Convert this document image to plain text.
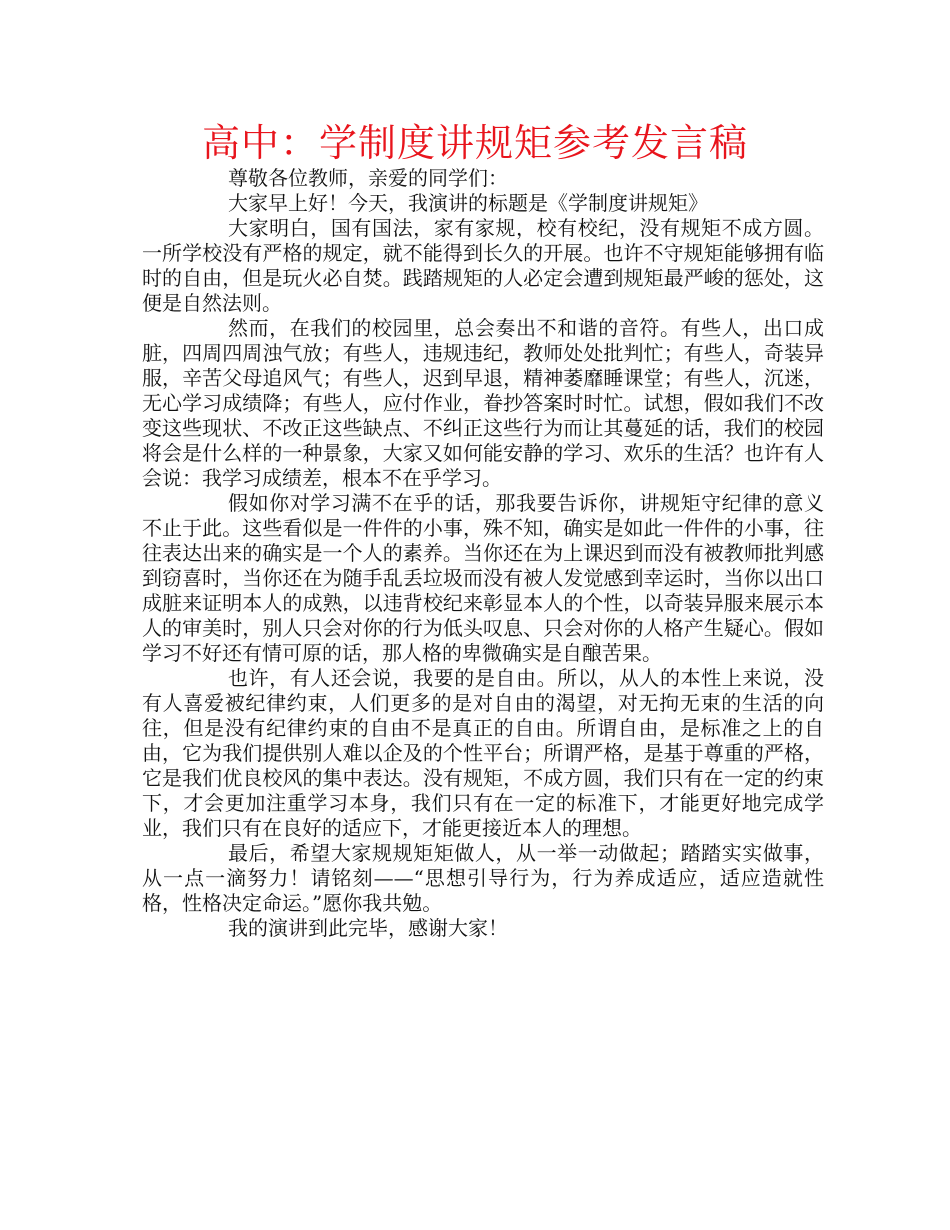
高中：学制度讲规矩参考发言稿

尊敬各位教师，亲爱的同学们：

大家早上好！今天，我演讲的标题是《学制度讲规矩》

大家明白，国有国法，家有家规，校有校纪，没有规矩不成方圆。一所学校没有严格的规定，就不能得到长久的开展。也许不守规矩能够拥有临时的自由，但是玩火必自焚。践踏规矩的人必定会遭到规矩最严峻的惩处，这便是自然法则。

然而，在我们的校园里，总会奏出不和谐的音符。有些人，出口成脏，四周四周浊气放；有些人，违规违纪，教师处处批判忙；有些人，奇装异服，辛苦父母追风气；有些人，迟到早退，精神萎靡睡课堂；有些人，沉迷，无心学习成绩降；有些人，应付作业，眷抄答案时时忙。试想，假如我们不改变这些现状、不改正这些缺点、不纠正这些行为而让其蔓延的话，我们的校园将会是什么样的一种景象，大家又如何能安静的学习、欢乐的生活？也许有人会说：我学习成绩差，根本不在乎学习。

假如你对学习满不在乎的话，那我要告诉你，讲规矩守纪律的意义不止于此。这些看似是一件件的小事，殊不知，确实是如此一件件的小事，往往表达出来的确实是一个人的素养。当你还在为上课迟到而没有被教师批判感到窃喜时，当你还在为随手乱丢垃圾而没有被人发觉感到幸运时，当你以出口成脏来证明本人的成熟，以违背校纪来彰显本人的个性，以奇装异服来展示本人的审美时，别人只会对你的行为低头叹息、只会对你的人格产生疑心。假如学习不好还有情可原的话，那人格的卑微确实是自酿苦果。

也许，有人还会说，我要的是自由。所以，从人的本性上来说，没有人喜爱被纪律约束，人们更多的是对自由的渴望，对无拘无束的生活的向往，但是没有纪律约束的自由不是真正的自由。所谓自由，是标准之上的自由，它为我们提供别人难以企及的个性平台；所谓严格，是基于尊重的严格，它是我们优良校风的集中表达。没有规矩，不成方圆，我们只有在一定的约束下，才会更加注重学习本身，我们只有在一定的标准下，才能更好地完成学业，我们只有在良好的适应下，才能更接近本人的理想。

最后，希望大家规规矩矩做人，从一举一动做起；踏踏实实做事，从一点一滴努力！请铭刻——“思想引导行为，行为养成适应，适应造就性格，性格决定命运。”愿你我共勉。

我的演讲到此完毕，感谢大家！
